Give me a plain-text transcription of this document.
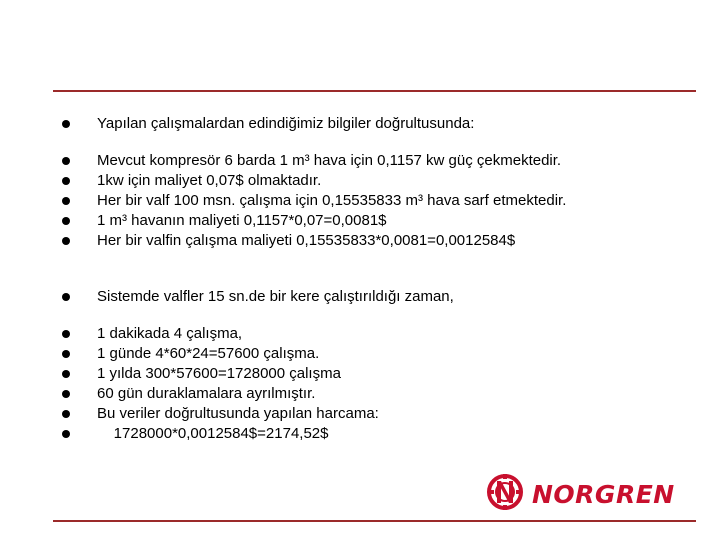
Yapılan çalışmalardan edindiğimiz bilgiler doğrultusunda:
Mevcut kompresör 6 barda 1 m³ hava için 0,1157 kw güç çekmektedir.
1kw için maliyet 0,07$ olmaktadır.
Her bir valf 100 msn. çalışma için 0,15535833 m³ hava sarf etmektedir.
1 m³ havanın maliyeti 0,1157*0,07=0,0081$
Her bir valfin çalışma maliyeti 0,15535833*0,0081=0,0012584$
Sistemde valfler 15 sn.de bir kere çalıştırıldığı zaman,
1 dakikada 4 çalışma,
1 günde 4*60*24=57600 çalışma.
1 yılda 300*57600=1728000 çalışma
60 gün duraklamalara ayrılmıştır.
Bu veriler doğrultusunda yapılan harcama:
1728000*0,0012584$=2174,52$
NORGREN
